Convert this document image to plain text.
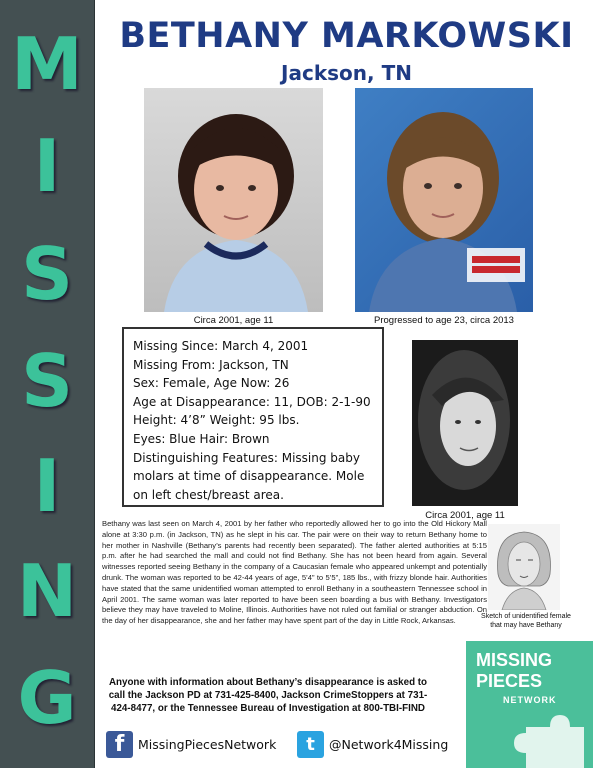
M
I
S
S
I
N
G
BETHANY MARKOWSKI
Jackson, TN
Circa 2001, age 11	Progressed to age 23, circa 2013
Missing Since: March 4, 2001
Missing From: Jackson, TN
Sex: Female, Age Now: 26
Age at Disappearance: 11, DOB: 2-1-90
Height: 4’8” Weight: 95 lbs.
Eyes: Blue Hair: Brown
Distinguishing Features: Missing baby molars at time of disappearance. Mole on left chest/breast area.
Circa 2001, age 11
Bethany was last seen on March 4, 2001 by her father who reportedly allowed her to go into the Old Hickory Mall alone at 3:30 p.m. (in Jackson, TN) as he slept in his car. The pair were on their way to return Bethany home to her mother in Nashville (Bethany’s parents had recently been separated). The father alerted authorities at 5:15 p.m. after he had searched the mall and could not find Bethany. She has not been heard from again. Several witnesses reported seeing Bethany in the company of a Caucasian female who appeared unkempt and potentially drunk. The woman was reported to be 42-44 years of age, 5’4” to 5’5”, 185 lbs., with frizzy blonde hair. Authorities have stated that the same unidentified woman attempted to enroll Bethany in a southeastern Tennessee school in April 2001. The same woman was later reported to have been seen boarding a bus with Bethany. Investigators believe they may have traveled to Moline, Illinois. Authorities have not ruled out familial or stranger abduction. On the day of her disappearance, she and her father may have spent part of the day in Little Rock, Arkansas.	Sketch of unidentified female
that may have Bethany
Anyone with information about Bethany’s disappearance is asked to call the Jackson PD at 731-425-8400, Jackson CrimeStoppers at 731-424-8477, or the Tennessee Bureau of Investigation at 800-TBI-FIND
f	MissingPiecesNetwork	t	@Network4Missing
MISSING
PIECES
NETWORK
